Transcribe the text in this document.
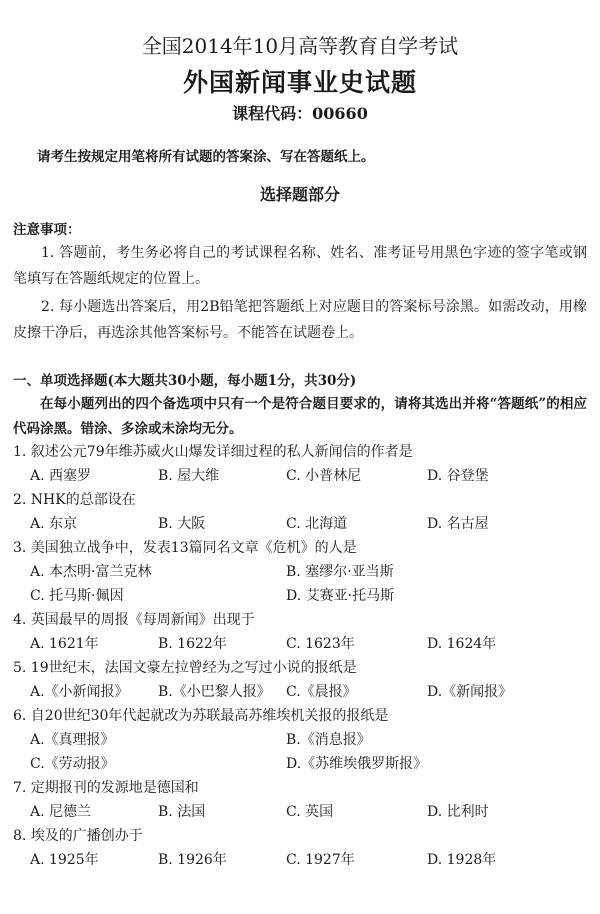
全国2014年10月高等教育自学考试
外国新闻事业史试题
课程代码：00660
请考生按规定用笔将所有试题的答案涂、写在答题纸上。
选择题部分
注意事项：
1. 答题前，考生务必将自己的考试课程名称、姓名、准考证号用黑色字迹的签字笔或钢笔填写在答题纸规定的位置上。
2. 每小题选出答案后，用2B铅笔把答题纸上对应题目的答案标号涂黑。如需改动，用橡皮擦干净后，再选涂其他答案标号。不能答在试题卷上。
一、单项选择题(本大题共30小题，每小题1分，共30分)
在每小题列出的四个备选项中只有一个是符合题目要求的，请将其选出并将“答题纸”的相应代码涂黑。错涂、多涂或未涂均无分。
1. 叙述公元79年维苏威火山爆发详细过程的私人新闻信的作者是
A. 西塞罗	B. 屋大维	C. 小普林尼	D. 谷登堡
2. NHK的总部设在
A. 东京	B. 大阪	C. 北海道	D. 名古屋
3. 美国独立战争中，发表13篇同名文章《危机》的人是
A. 本杰明·富兰克林	B. 塞缪尔·亚当斯
C. 托马斯·佩因	D. 艾赛亚·托马斯
4. 英国最早的周报《每周新闻》出现于
A. 1621年	B. 1622年	C. 1623年	D. 1624年
5. 19世纪末，法国文豪左拉曾经为之写过小说的报纸是
A.《小新闻报》 B.《小巴黎人报》 C.《晨报》	D.《新闻报》
6. 自20世纪30年代起就改为苏联最高苏维埃机关报的报纸是
A.《真理报》	B.《消息报》
C.《劳动报》	D.《苏维埃俄罗斯报》
7. 定期报刊的发源地是德国和
A. 尼德兰	B. 法国	C. 英国	D. 比利时
8. 埃及的广播创办于
A. 1925年	B. 1926年	C. 1927年	D. 1928年
